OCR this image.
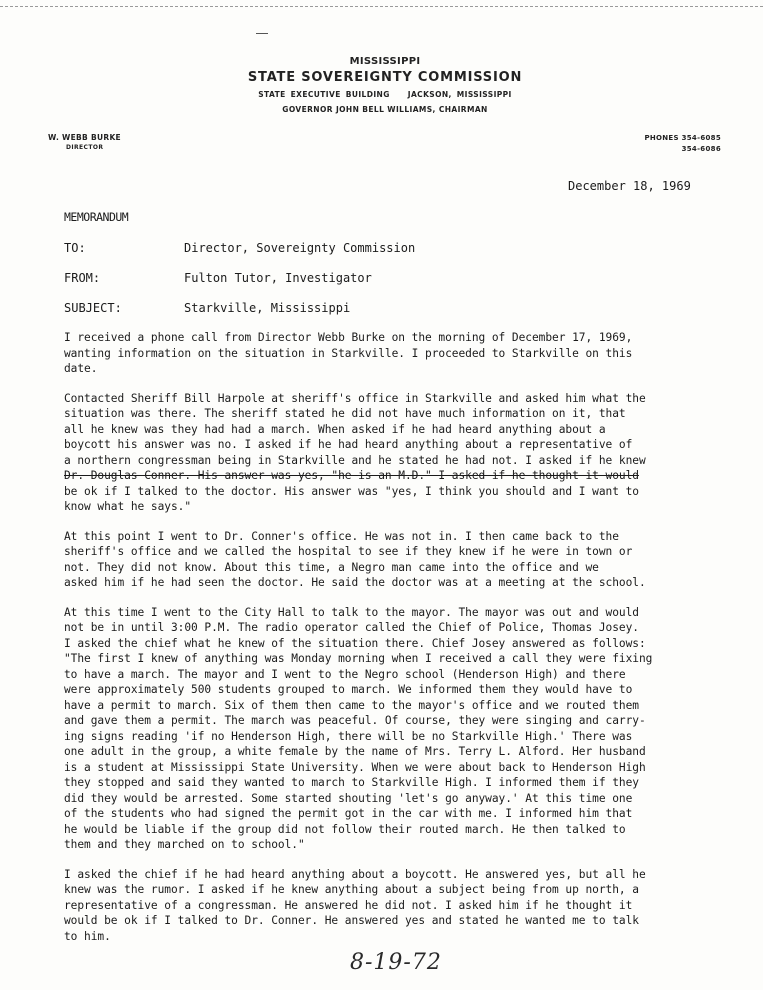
MISSISSIPPI
STATE SOVEREIGNTY COMMISSION
STATE EXECUTIVE BUILDING JACKSON, MISSISSIPPI
GOVERNOR JOHN BELL WILLIAMS, CHAIRMAN
W. WEBB BURKE
DIRECTOR
PHONES 354-6085
354-6086
December 18, 1969
MEMORANDUM
TO:	Director, Sovereignty Commission
FROM:	Fulton Tutor, Investigator
SUBJECT:	Starkville, Mississippi

I received a phone call from Director Webb Burke on the morning of December 17, 1969,
wanting information on the situation in Starkville. I proceeded to Starkville on this
date.

Contacted Sheriff Bill Harpole at sheriff's office in Starkville and asked him what the
situation was there. The sheriff stated he did not have much information on it, that
all he knew was they had had a march. When asked if he had heard anything about a
boycott his answer was no. I asked if he had heard anything about a representative of
a northern congressman being in Starkville and he stated he had not. I asked if he knew
Dr. Douglas Conner. His answer was yes, "he is an M.D." I asked if he thought it would
be ok if I talked to the doctor. His answer was "yes, I think you should and I want to
know what he says."

At this point I went to Dr. Conner's office. He was not in. I then came back to the
sheriff's office and we called the hospital to see if they knew if he were in town or
not. They did not know. About this time, a Negro man came into the office and we
asked him if he had seen the doctor. He said the doctor was at a meeting at the school.

At this time I went to the City Hall to talk to the mayor. The mayor was out and would
not be in until 3:00 P.M. The radio operator called the Chief of Police, Thomas Josey.
I asked the chief what he knew of the situation there. Chief Josey answered as follows:
"The first I knew of anything was Monday morning when I received a call they were fixing
to have a march. The mayor and I went to the Negro school (Henderson High) and there
were approximately 500 students grouped to march. We informed them they would have to
have a permit to march. Six of them then came to the mayor's office and we routed them
and gave them a permit. The march was peaceful. Of course, they were singing and carry-
ing signs reading 'if no Henderson High, there will be no Starkville High.' There was
one adult in the group, a white female by the name of Mrs. Terry L. Alford. Her husband
is a student at Mississippi State University. When we were about back to Henderson High
they stopped and said they wanted to march to Starkville High. I informed them if they
did they would be arrested. Some started shouting 'let's go anyway.' At this time one
of the students who had signed the permit got in the car with me. I informed him that
he would be liable if the group did not follow their routed march. He then talked to
them and they marched on to school."

I asked the chief if he had heard anything about a boycott. He answered yes, but all he
knew was the rumor. I asked if he knew anything about a subject being from up north, a
representative of a congressman. He answered he did not. I asked him if he thought it
would be ok if I talked to Dr. Conner. He answered yes and stated he wanted me to talk
to him.

8-19-72
